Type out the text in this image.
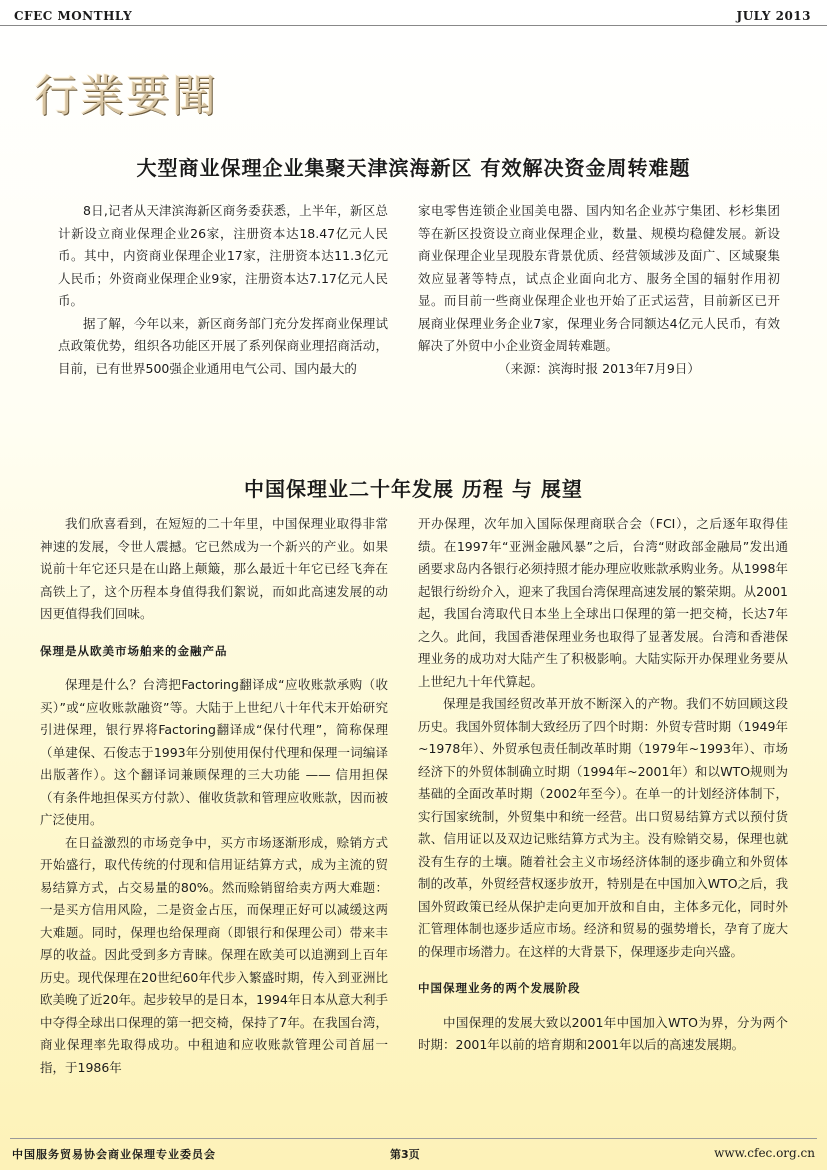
CFEC MONTHLY	JULY 2013
行業要聞
大型商业保理企业集聚天津滨海新区 有效解决资金周转难题

8日,记者从天津滨海新区商务委获悉，上半年，新区总计新设立商业保理企业26家，注册资本达18.47亿元人民币。其中，内资商业保理企业17家，注册资本达11.3亿元人民币；外资商业保理企业9家，注册资本达7.17亿元人民币。

据了解，今年以来，新区商务部门充分发挥商业保理试点政策优势，组织各功能区开展了系列保商业理招商活动，目前，已有世界500强企业通用电气公司、国内最大的

家电零售连锁企业国美电器、国内知名企业苏宁集团、杉杉集团等在新区投资设立商业保理企业，数量、规模均稳健发展。新设商业保理企业呈现股东背景优质、经营领域涉及面广、区域聚集效应显著等特点，试点企业面向北方、服务全国的辐射作用初显。而目前一些商业保理企业也开始了正式运营，目前新区已开展商业保理业务企业7家，保理业务合同额达4亿元人民币，有效解决了外贸中小企业资金周转难题。

（来源：滨海时报 2013年7月9日）

中国保理业二十年发展 历程 与 展望

我们欣喜看到，在短短的二十年里，中国保理业取得非常神速的发展，令世人震撼。它已然成为一个新兴的产业。如果说前十年它还只是在山路上颠簸，那么最近十年它已经飞奔在高铁上了，这个历程本身值得我们絮说，而如此高速发展的动因更值得我们回味。

保理是从欧美市场舶来的金融产品

保理是什么？台湾把Factoring翻译成“应收账款承购（收买）”或“应收账款融资”等。大陆于上世纪八十年代末开始研究引进保理，银行界将Factoring翻译成“保付代理”，简称保理（单建保、石俊志于1993年分别使用保付代理和保理一词编译出版著作）。这个翻译词兼顾保理的三大功能 —— 信用担保（有条件地担保买方付款）、催收货款和管理应收账款，因而被广泛使用。

在日益激烈的市场竞争中，买方市场逐渐形成，赊销方式开始盛行，取代传统的付现和信用证结算方式，成为主流的贸易结算方式，占交易量的80%。然而赊销留给卖方两大难题：一是买方信用风险，二是资金占压，而保理正好可以减缓这两大难题。同时，保理也给保理商（即银行和保理公司）带来丰厚的收益。因此受到多方青睐。保理在欧美可以追溯到上百年历史。现代保理在20世纪60年代步入繁盛时期，传入到亚洲比欧美晚了近20年。起步较早的是日本，1994年日本从意大利手中夺得全球出口保理的第一把交椅，保持了7年。在我国台湾，商业保理率先取得成功。中租迪和应收账款管理公司首屈一指，于1986年

开办保理，次年加入国际保理商联合会（FCI），之后逐年取得佳绩。在1997年“亚洲金融风暴”之后，台湾“财政部金融局”发出通函要求岛内各银行必须持照才能办理应收账款承购业务。从1998年起银行纷纷介入，迎来了我国台湾保理高速发展的繁荣期。从2001起，我国台湾取代日本坐上全球出口保理的第一把交椅，长达7年之久。此间，我国香港保理业务也取得了显著发展。台湾和香港保理业务的成功对大陆产生了积极影响。大陆实际开办保理业务要从上世纪九十年代算起。

保理是我国经贸改革开放不断深入的产物。我们不妨回顾这段历史。我国外贸体制大致经历了四个时期：外贸专营时期（1949年~1978年）、外贸承包责任制改革时期（1979年~1993年）、市场经济下的外贸体制确立时期（1994年~2001年）和以WTO规则为基础的全面改革时期（2002年至今）。在单一的计划经济体制下，实行国家统制，外贸集中和统一经营。出口贸易结算方式以预付货款、信用证以及双边记账结算方式为主。没有赊销交易，保理也就没有生存的土壤。随着社会主义市场经济体制的逐步确立和外贸体制的改革，外贸经营权逐步放开，特别是在中国加入WTO之后，我国外贸政策已经从保护走向更加开放和自由，主体多元化，同时外汇管理体制也逐步适应市场。经济和贸易的强势增长，孕育了庞大的保理市场潜力。在这样的大背景下，保理逐步走向兴盛。

中国保理业务的两个发展阶段

中国保理的发展大致以2001年中国加入WTO为界，分为两个时期：2001年以前的培育期和2001年以后的高速发展期。

中国服务贸易协会商业保理专业委员会	第3页	www.cfec.org.cn
